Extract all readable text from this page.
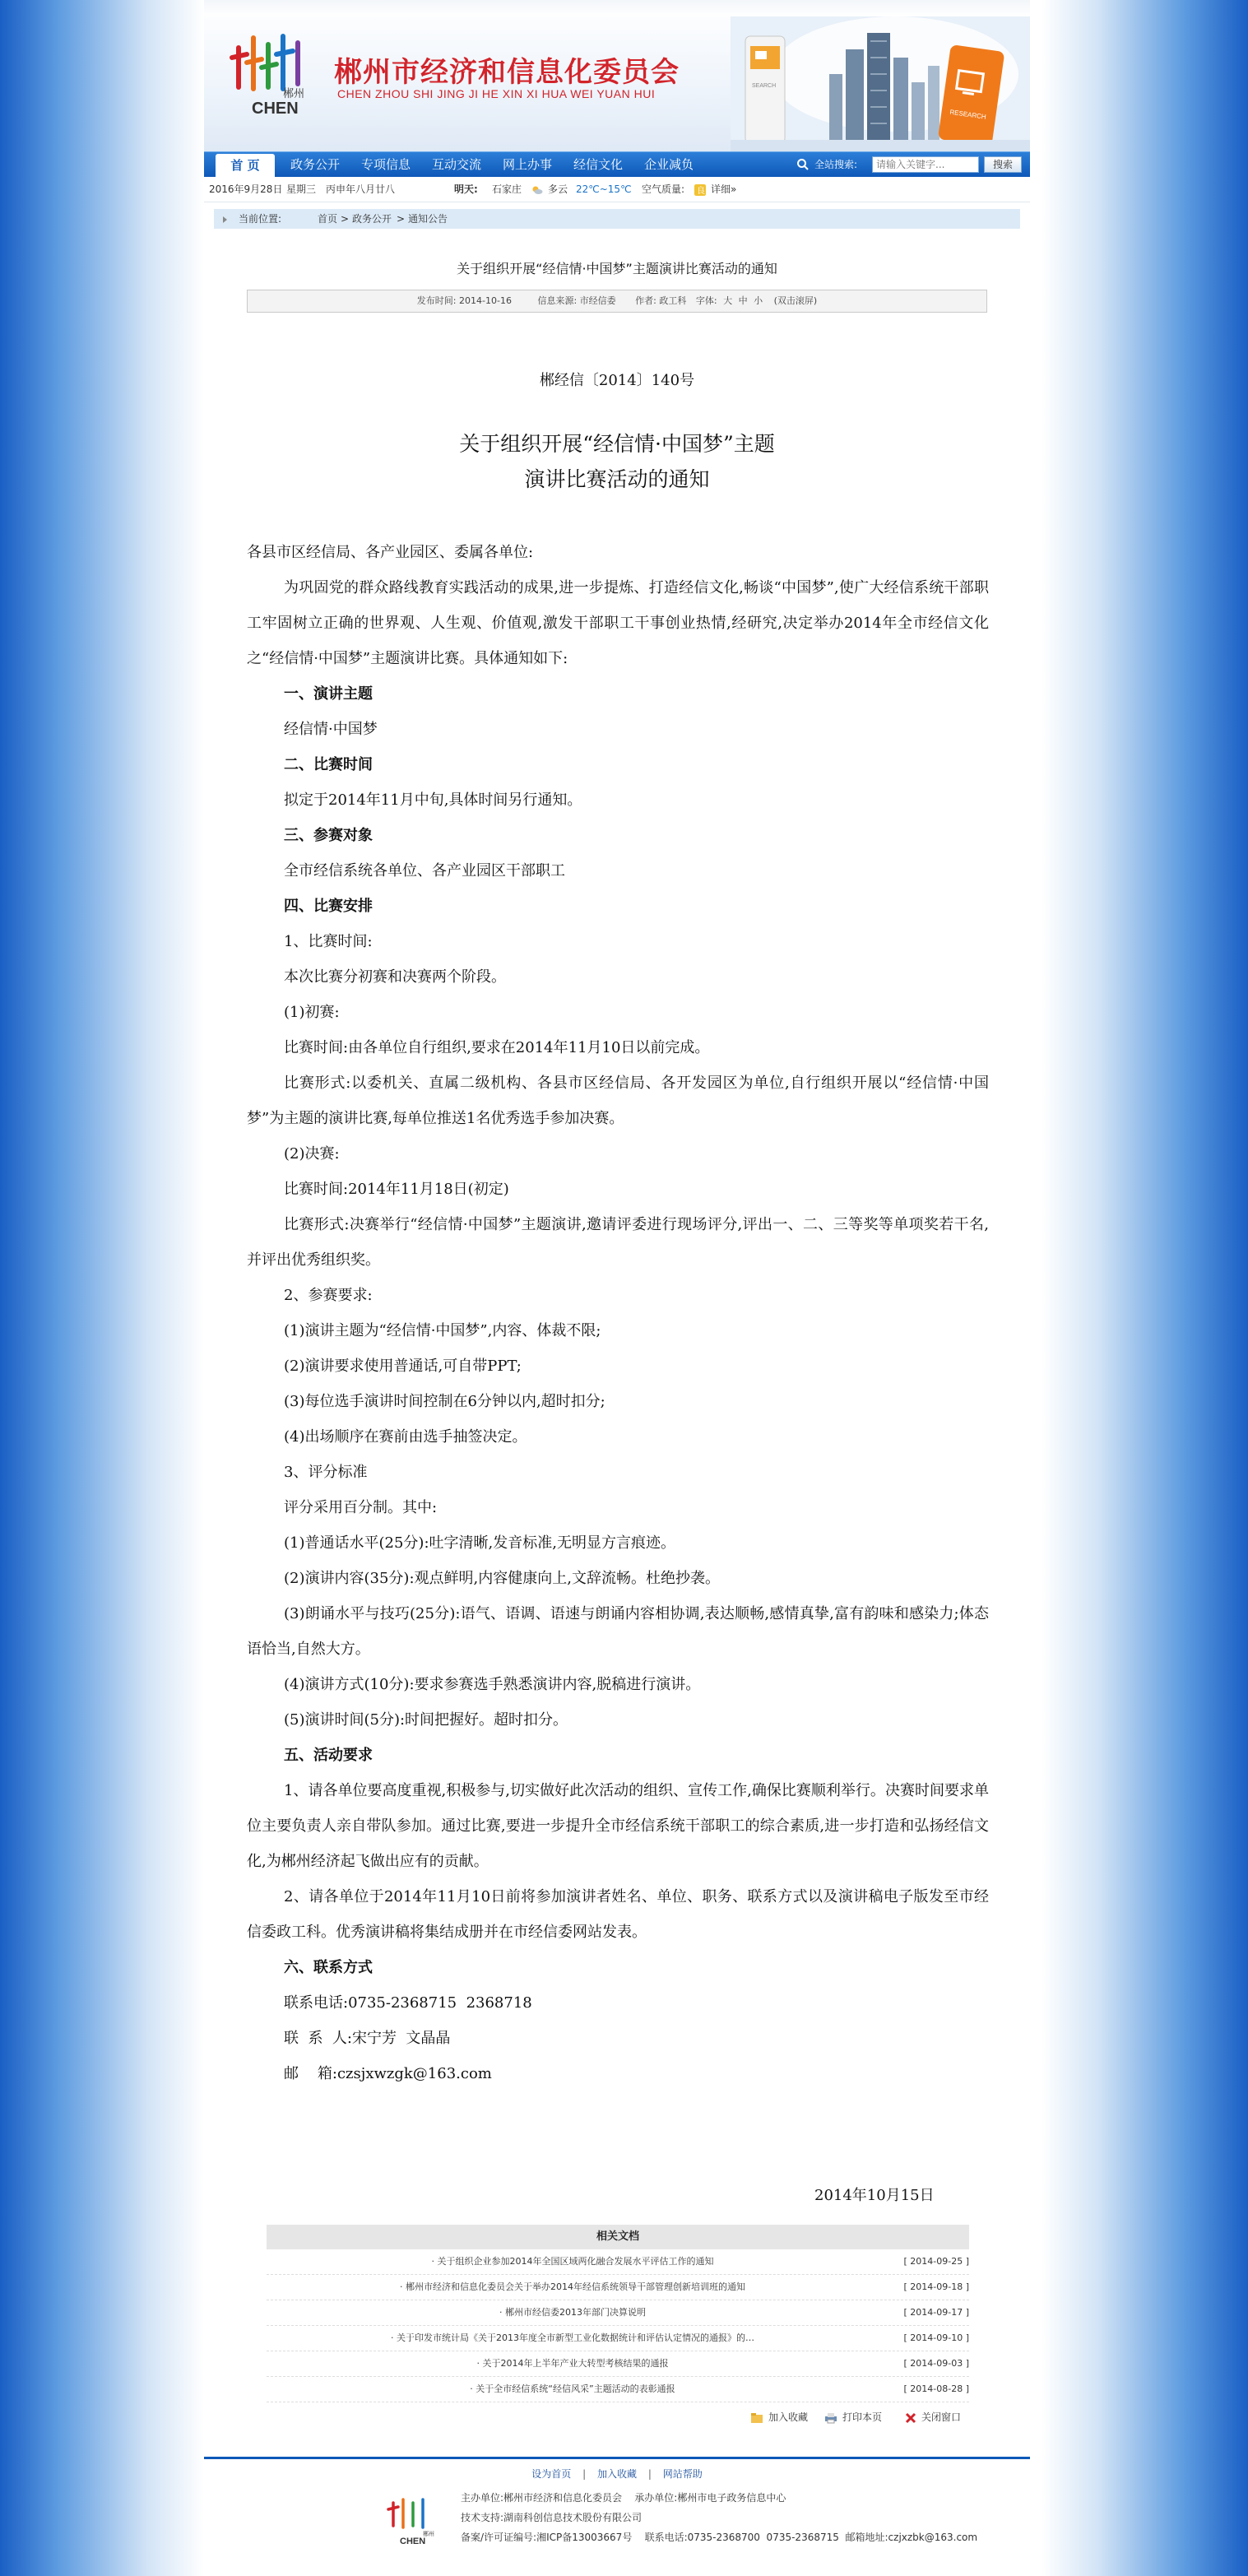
郴州
CHEN
郴州市经济和信息化委员会
CHEN ZHOU SHI JING JI HE XIN XI HUA WEI YUAN HUI
SEARCH
RESEARCH
首 页	政务公开	专项信息	互动交流	网上办事	经信文化	企业减负	全站搜索:
请输入关键字...	搜索
2016年9月28日 星期三 丙申年八月廿八	明天: 石家庄	多云 22℃~15℃ 空气质量: 良 详细»
当前位置:	首页 > 政务公开 > 通知公告
关于组织开展“经信情·中国梦”主题演讲比赛活动的通知
发布时间: 2014-10-16	信息来源: 市经信委 作者: 政工科 字体: 大 中 小 (双击滚屏)
郴经信〔2014〕140号
关于组织开展“经信情·中国梦”主题
演讲比赛活动的通知

各县市区经信局、各产业园区、委属各单位:

为巩固党的群众路线教育实践活动的成果,进一步提炼、打造经信文化,畅谈“中国梦”,使广大经信系统干部职工牢固树立正确的世界观、人生观、价值观,激发干部职工干事创业热情,经研究,决定举办2014年全市经信文化之“经信情·中国梦”主题演讲比赛。具体通知如下:

一、演讲主题

经信情·中国梦

二、比赛时间

拟定于2014年11月中旬,具体时间另行通知。

三、参赛对象

全市经信系统各单位、各产业园区干部职工

四、比赛安排

1、比赛时间:

本次比赛分初赛和决赛两个阶段。

(1)初赛:

比赛时间:由各单位自行组织,要求在2014年11月10日以前完成。

比赛形式:以委机关、直属二级机构、各县市区经信局、各开发园区为单位,自行组织开展以“经信情·中国梦”为主题的演讲比赛,每单位推送1名优秀选手参加决赛。

(2)决赛:

比赛时间:2014年11月18日(初定)

比赛形式:决赛举行“经信情·中国梦”主题演讲,邀请评委进行现场评分,评出一、二、三等奖等单项奖若干名,并评出优秀组织奖。

2、参赛要求:

(1)演讲主题为“经信情·中国梦”,内容、体裁不限;

(2)演讲要求使用普通话,可自带PPT;

(3)每位选手演讲时间控制在6分钟以内,超时扣分;

(4)出场顺序在赛前由选手抽签决定。

3、评分标准

评分采用百分制。其中:

(1)普通话水平(25分):吐字清晰,发音标准,无明显方言痕迹。

(2)演讲内容(35分):观点鲜明,内容健康向上,文辞流畅。杜绝抄袭。

(3)朗诵水平与技巧(25分):语气、语调、语速与朗诵内容相协调,表达顺畅,感情真挚,富有韵味和感染力;体态语恰当,自然大方。

(4)演讲方式(10分):要求参赛选手熟悉演讲内容,脱稿进行演讲。

(5)演讲时间(5分):时间把握好。超时扣分。

五、活动要求

1、请各单位要高度重视,积极参与,切实做好此次活动的组织、宣传工作,确保比赛顺利举行。决赛时间要求单位主要负责人亲自带队参加。通过比赛,要进一步提升全市经信系统干部职工的综合素质,进一步打造和弘扬经信文化,为郴州经济起飞做出应有的贡献。

2、请各单位于2014年11月10日前将参加演讲者姓名、单位、职务、联系方式以及演讲稿电子版发至市经信委政工科。优秀演讲稿将集结成册并在市经信委网站发表。

六、联系方式

联系电话:0735-2368715  2368718

联  系  人:宋宁芳  文晶晶

邮    箱:czsjxwzgk@163.com

2014年10月15日
相关文档
· 关于组织企业参加2014年全国区域两化融合发展水平评估工作的通知	[ 2014-09-25 ]
· 郴州市经济和信息化委员会关于举办2014年经信系统领导干部管理创新培训班的通知	[ 2014-09-18 ]
· 郴州市经信委2013年部门决算说明	[ 2014-09-17 ]
· 关于印发市统计局《关于2013年度全市新型工业化数据统计和评估认定情况的通报》的…	[ 2014-09-10 ]
· 关于2014年上半年产业大转型考核结果的通报	[ 2014-09-03 ]
· 关于全市经信系统“经信风采”主题活动的表彰通报	[ 2014-08-28 ]
加入收藏	打印本页	关闭窗口
设为首页 | 加入收藏 | 网站帮助
CHEN
郴州
主办单位:郴州市经济和信息化委员会    承办单位:郴州市电子政务信息中心
技术支持:湖南科创信息技术股份有限公司
备案/许可证编号:湘ICP备13003667号    联系电话:0735-2368700  0735-2368715  邮箱地址:czjxzbk@163.com
